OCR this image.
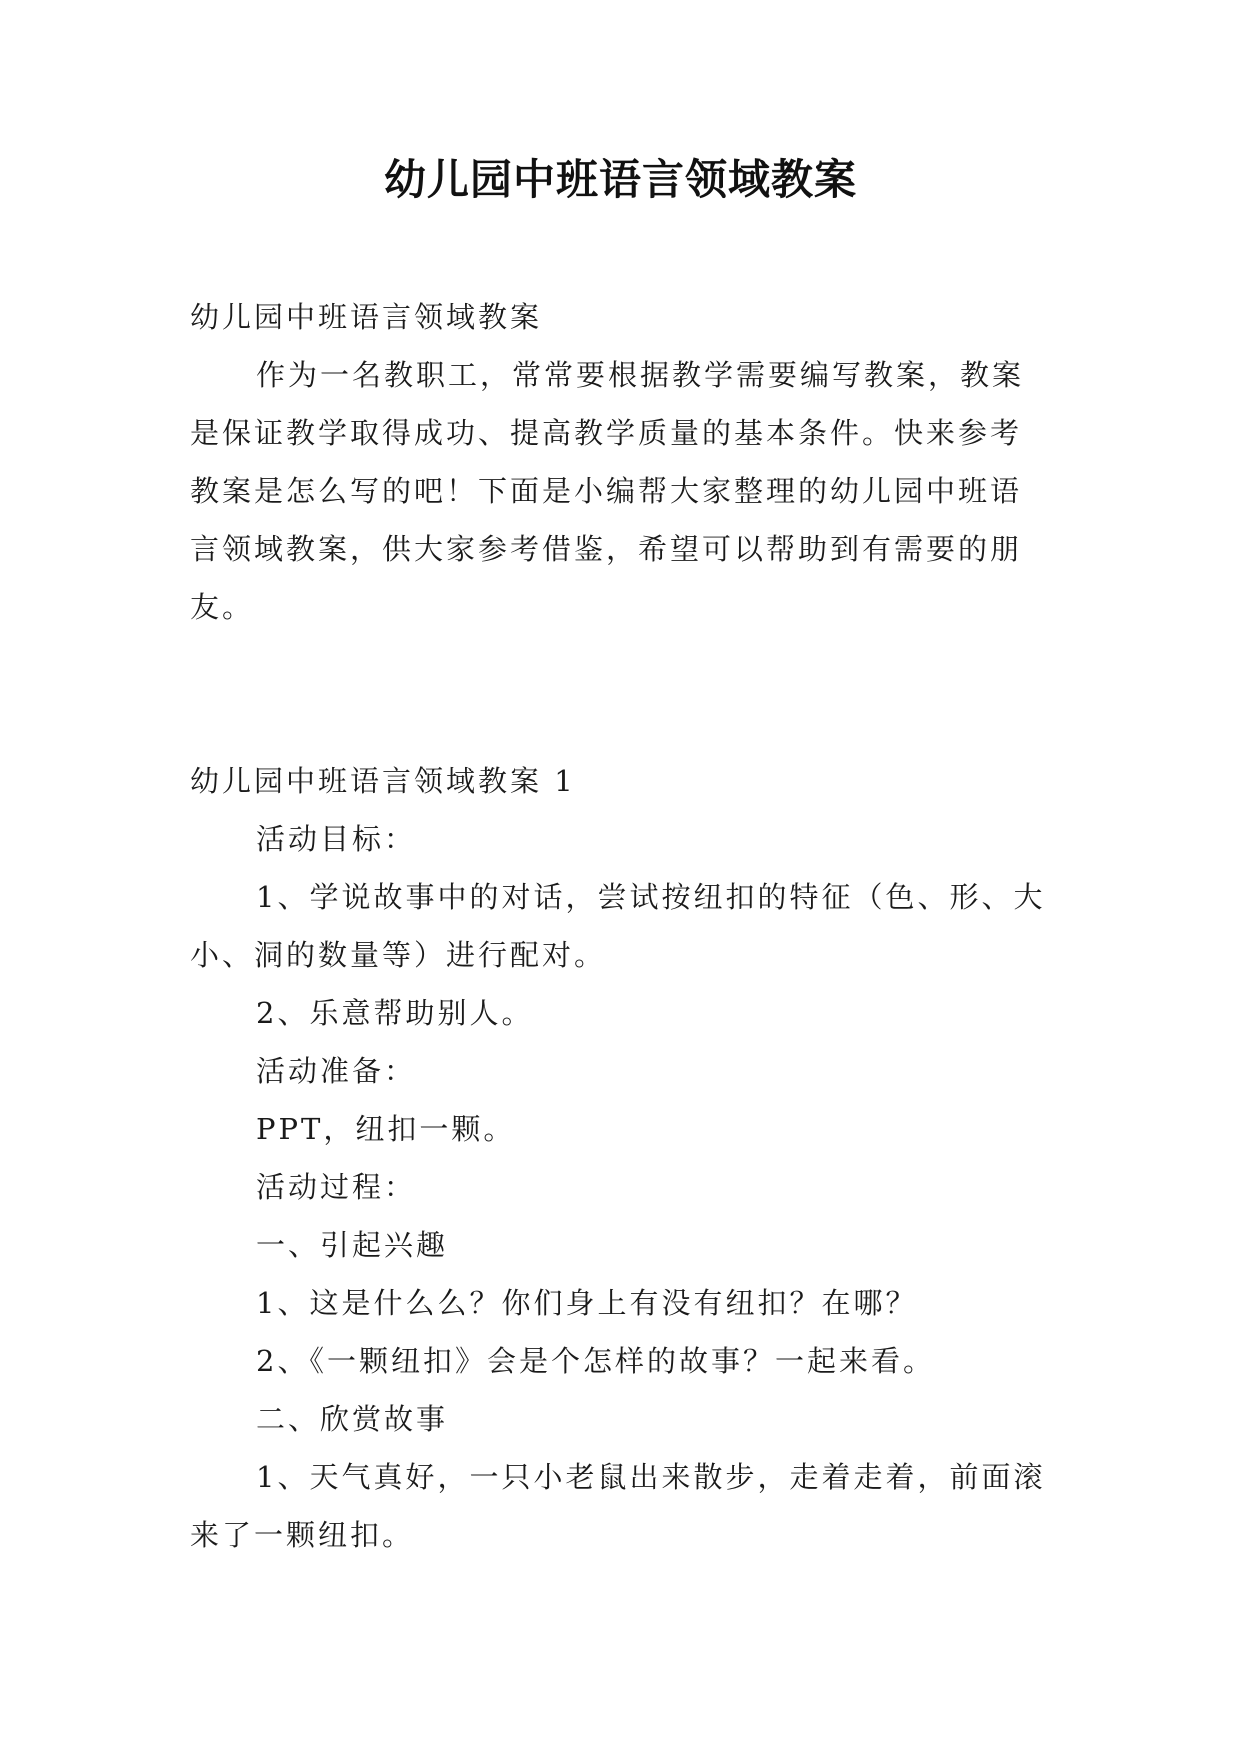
幼儿园中班语言领域教案

幼儿园中班语言领域教案

作为一名教职工，常常要根据教学需要编写教案，教案是保证教学取得成功、提高教学质量的基本条件。快来参考教案是怎么写的吧！下面是小编帮大家整理的幼儿园中班语言领域教案，供大家参考借鉴，希望可以帮助到有需要的朋友。

幼儿园中班语言领域教案 1

活动目标：

1、学说故事中的对话，尝试按纽扣的特征（色、形、大小、洞的数量等）进行配对。

2、乐意帮助别人。

活动准备：

PPT，纽扣一颗。

活动过程：

一、引起兴趣

1、这是什么么？你们身上有没有纽扣？在哪？

2、《一颗纽扣》会是个怎样的故事？一起来看。

二、欣赏故事

1、天气真好，一只小老鼠出来散步，走着走着，前面滚来了一颗纽扣。
